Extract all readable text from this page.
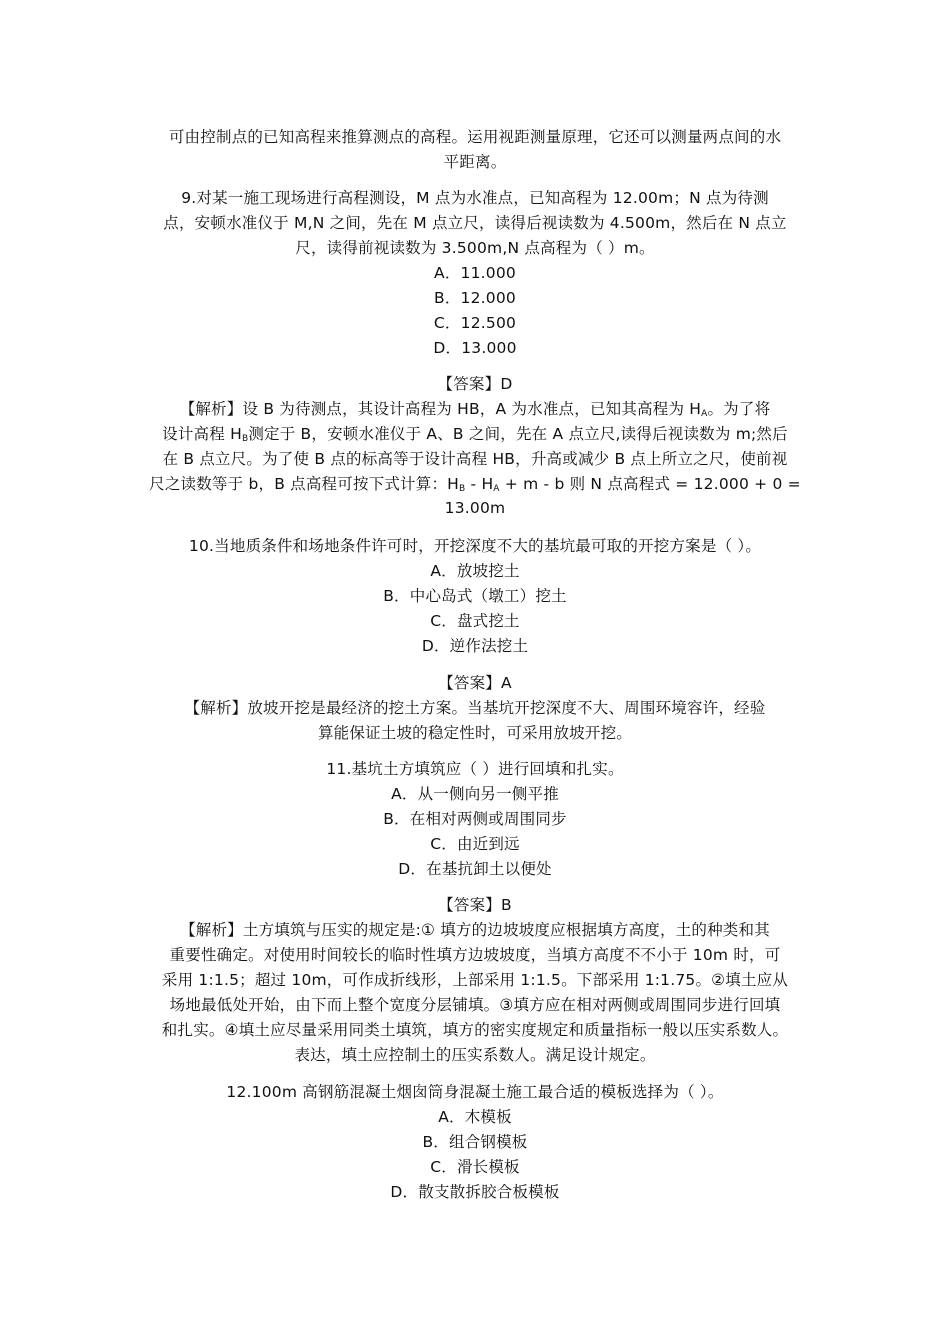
可由控制点的已知高程来推算测点的高程。运用视距测量原理，它还可以测量两点间的水
平距离。
9.对某一施工现场进行高程测设，M 点为水准点，已知高程为 12.00m；N 点为待测
点，安顿水准仪于 M,N 之间，先在 M 点立尺，读得后视读数为 4.500m，然后在 N 点立
尺，读得前视读数为 3.500m,N 点高程为（ ）m。
A．11.000
B．12.000
C．12.500
D．13.000
【答案】D
【解析】设 B 为待测点，其设计高程为 HB，A 为水准点，已知其高程为 $H_A$。为了将
设计高程 $H_B$测定于 B，安顿水准仪于 A、B 之间，先在 A 点立尺,读得后视读数为 m;然后
在 B 点立尺。为了使 B 点的标高等于设计高程 HB，升高或减少 B 点上所立之尺，使前视
尺之读数等于 b，B 点高程可按下式计算：$H_B - H_A + m - b$ 则 N 点高程式 = 12.000 + 0 =
13.00m
10.当地质条件和场地条件许可时，开挖深度不大的基坑最可取的开挖方案是（ ）。
A．放坡挖土
B．中心岛式（墩工）挖土
C．盘式挖土
D．逆作法挖土
【答案】A
【解析】放坡开挖是最经济的挖土方案。当基坑开挖深度不大、周围环境容许，经验
算能保证土坡的稳定性时，可采用放坡开挖。
11.基坑土方填筑应（ ）进行回填和扎实。
A．从一侧向另一侧平推
B．在相对两侧或周围同步
C．由近到远
D．在基抗卸土以便处
【答案】B
【解析】土方填筑与压实的规定是:① 填方的边坡坡度应根据填方高度，土的种类和其
重要性确定。对使用时间较长的临时性填方边坡坡度，当填方高度不不小于 10m 时，可
采用 1:1.5；超过 10m，可作成折线形，上部采用 1:1.5。下部采用 1:1.75。②填土应从
场地最低处开始，由下而上整个宽度分层铺填。③填方应在相对两侧或周围同步进行回填
和扎实。④填土应尽量采用同类土填筑，填方的密实度规定和质量指标一般以压实系数人。
表达，填土应控制土的压实系数人。满足设计规定。
12.100m 高钢筋混凝土烟囱筒身混凝土施工最合适的模板选择为（ ）。
A．木模板
B．组合钢模板
C．滑长模板
D．散支散拆胶合板模板
